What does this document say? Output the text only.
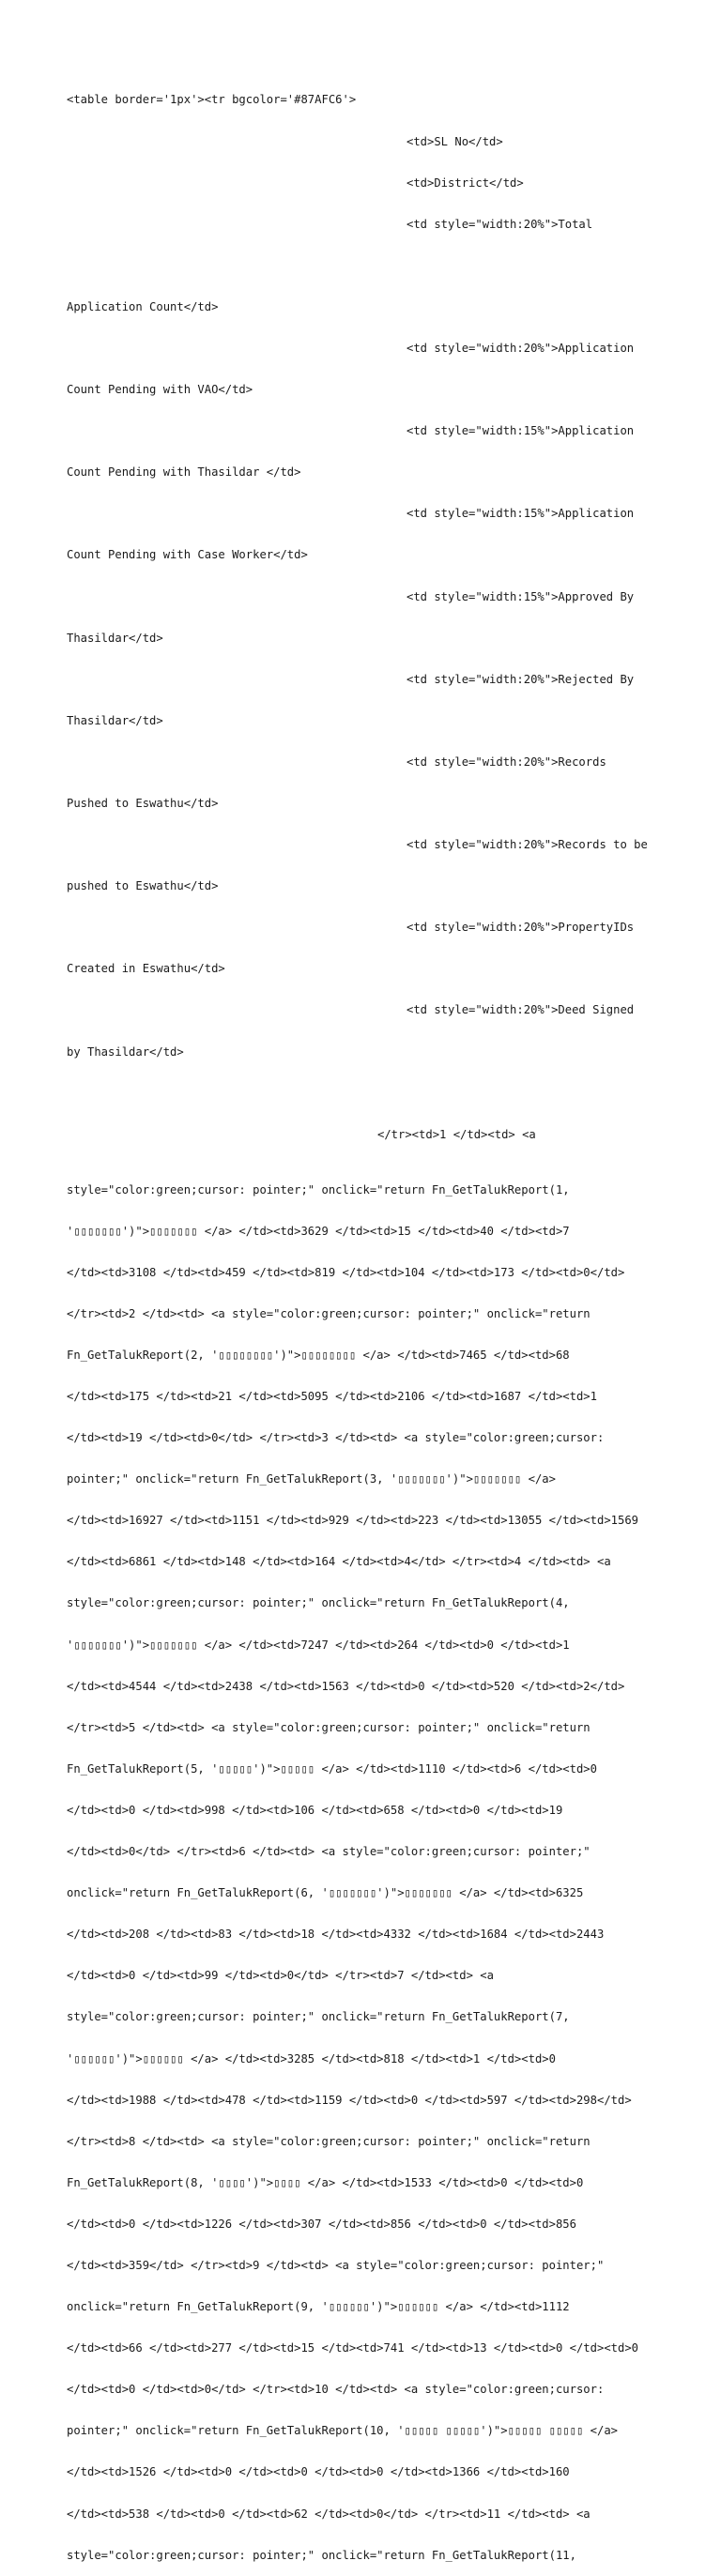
<table border='1px'><tr bgcolor='#87AFC6'>

<td>SL No</td>

<td>District</td>

<td style="width:20%">Total

Application Count</td>

<td style="width:20%">Application

Count Pending with VAO</td>

<td style="width:15%">Application

Count Pending with Thasildar </td>

<td style="width:15%">Application

Count Pending with Case Worker</td>

<td style="width:15%">Approved By

Thasildar</td>

<td style="width:20%">Rejected By

Thasildar</td>

<td style="width:20%">Records

Pushed to Eswathu</td>

<td style="width:20%">Records to be

pushed to Eswathu</td>

<td style="width:20%">PropertyIDs

Created in Eswathu</td>

<td style="width:20%">Deed Signed

by Thasildar</td>

</tr><td>1 </td><td> <a

style="color:green;cursor: pointer;" onclick="return Fn_GetTalukReport(1,

'▯▯▯▯▯▯▯')">▯▯▯▯▯▯▯ </a> </td><td>3629 </td><td>15 </td><td>40 </td><td>7

</td><td>3108 </td><td>459 </td><td>819 </td><td>104 </td><td>173 </td><td>0</td>

</tr><td>2 </td><td> <a style="color:green;cursor: pointer;" onclick="return

Fn_GetTalukReport(2, '▯▯▯▯▯▯▯▯')">▯▯▯▯▯▯▯▯ </a> </td><td>7465 </td><td>68

</td><td>175 </td><td>21 </td><td>5095 </td><td>2106 </td><td>1687 </td><td>1

</td><td>19 </td><td>0</td> </tr><td>3 </td><td> <a style="color:green;cursor:

pointer;" onclick="return Fn_GetTalukReport(3, '▯▯▯▯▯▯▯')">▯▯▯▯▯▯▯ </a>

</td><td>16927 </td><td>1151 </td><td>929 </td><td>223 </td><td>13055 </td><td>1569

</td><td>6861 </td><td>148 </td><td>164 </td><td>4</td> </tr><td>4 </td><td> <a

style="color:green;cursor: pointer;" onclick="return Fn_GetTalukReport(4,

'▯▯▯▯▯▯▯')">▯▯▯▯▯▯▯ </a> </td><td>7247 </td><td>264 </td><td>0 </td><td>1

</td><td>4544 </td><td>2438 </td><td>1563 </td><td>0 </td><td>520 </td><td>2</td>

</tr><td>5 </td><td> <a style="color:green;cursor: pointer;" onclick="return

Fn_GetTalukReport(5, '▯▯▯▯▯')">▯▯▯▯▯ </a> </td><td>1110 </td><td>6 </td><td>0

</td><td>0 </td><td>998 </td><td>106 </td><td>658 </td><td>0 </td><td>19

</td><td>0</td> </tr><td>6 </td><td> <a style="color:green;cursor: pointer;"

onclick="return Fn_GetTalukReport(6, '▯▯▯▯▯▯▯')">▯▯▯▯▯▯▯ </a> </td><td>6325

</td><td>208 </td><td>83 </td><td>18 </td><td>4332 </td><td>1684 </td><td>2443

</td><td>0 </td><td>99 </td><td>0</td> </tr><td>7 </td><td> <a

style="color:green;cursor: pointer;" onclick="return Fn_GetTalukReport(7,

'▯▯▯▯▯▯')">▯▯▯▯▯▯ </a> </td><td>3285 </td><td>818 </td><td>1 </td><td>0

</td><td>1988 </td><td>478 </td><td>1159 </td><td>0 </td><td>597 </td><td>298</td>

</tr><td>8 </td><td> <a style="color:green;cursor: pointer;" onclick="return

Fn_GetTalukReport(8, '▯▯▯▯')">▯▯▯▯ </a> </td><td>1533 </td><td>0 </td><td>0

</td><td>0 </td><td>1226 </td><td>307 </td><td>856 </td><td>0 </td><td>856

</td><td>359</td> </tr><td>9 </td><td> <a style="color:green;cursor: pointer;"

onclick="return Fn_GetTalukReport(9, '▯▯▯▯▯▯')">▯▯▯▯▯▯ </a> </td><td>1112

</td><td>66 </td><td>277 </td><td>15 </td><td>741 </td><td>13 </td><td>0 </td><td>0

</td><td>0 </td><td>0</td> </tr><td>10 </td><td> <a style="color:green;cursor:

pointer;" onclick="return Fn_GetTalukReport(10, '▯▯▯▯▯ ▯▯▯▯▯')">▯▯▯▯▯ ▯▯▯▯▯ </a>

</td><td>1526 </td><td>0 </td><td>0 </td><td>0 </td><td>1366 </td><td>160

</td><td>538 </td><td>0 </td><td>62 </td><td>0</td> </tr><td>11 </td><td> <a

style="color:green;cursor: pointer;" onclick="return Fn_GetTalukReport(11,
